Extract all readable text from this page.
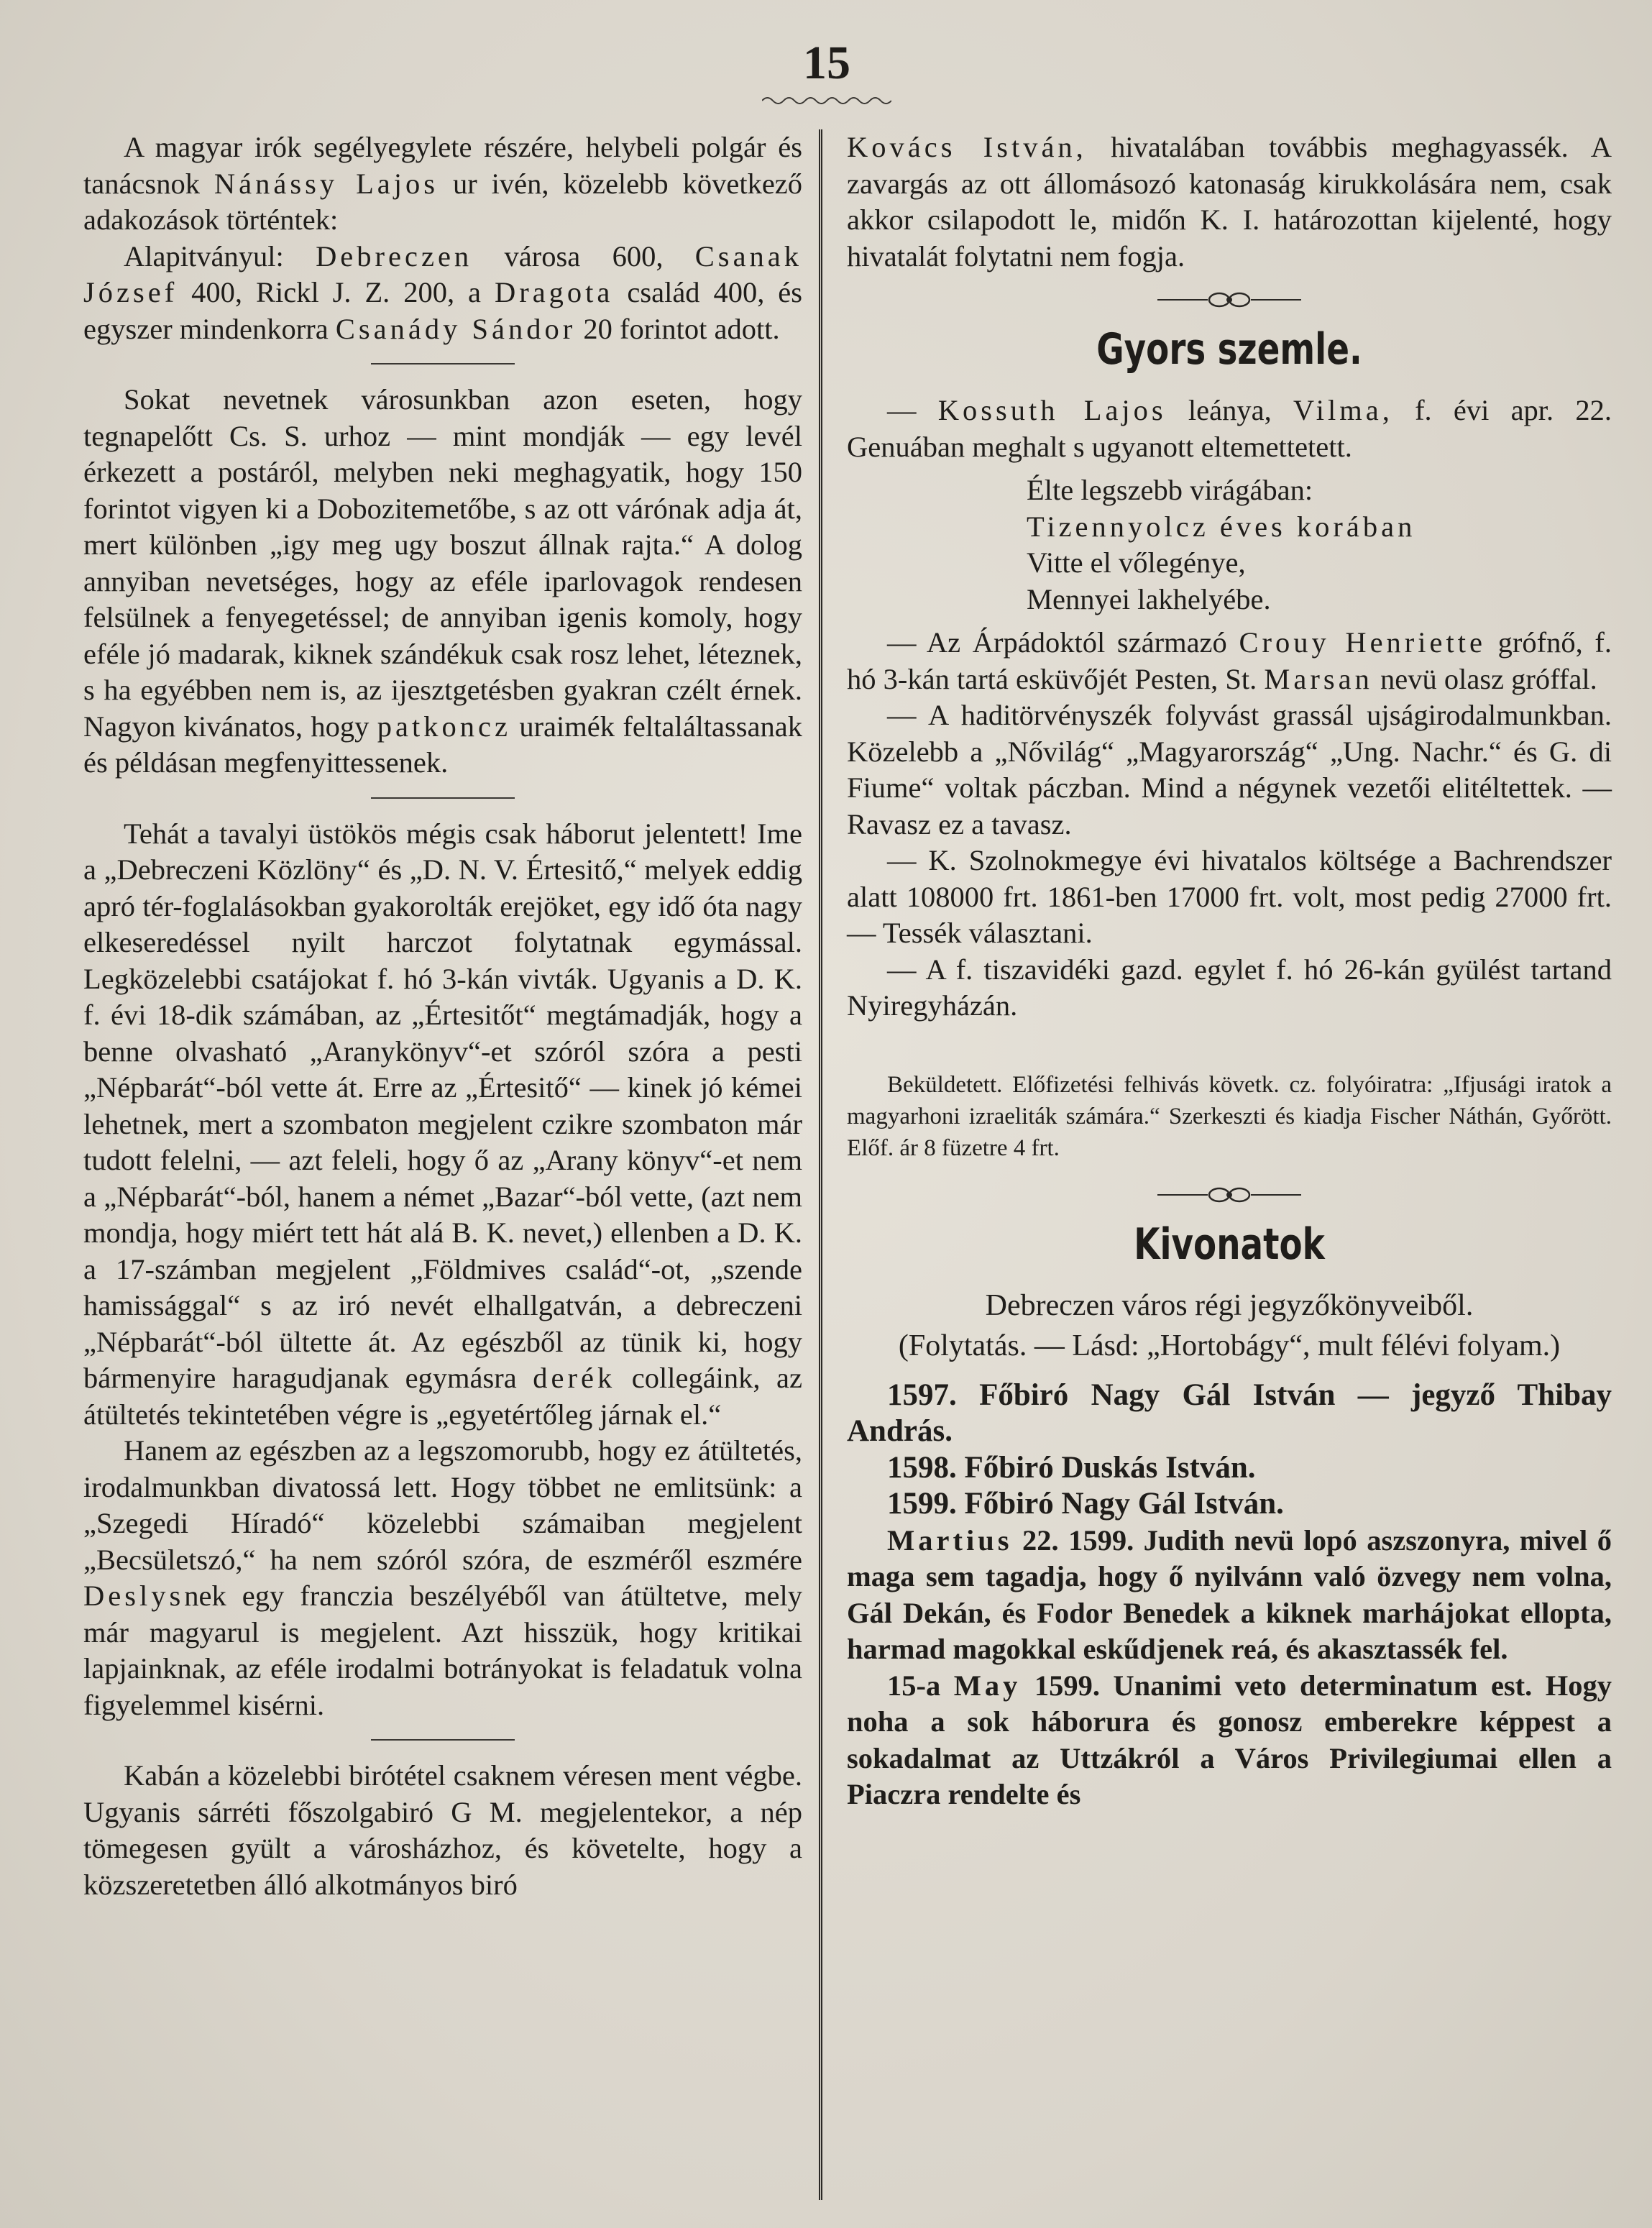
15

A magyar irók segélyegylete részére, helybeli polgár és tanácsnok Nánássy Lajos ur ivén, közelebb következő adakozások történtek:

Alapitványul: Debreczen városa 600, Csanak József 400, Rickl J. Z. 200, a Dragota család 400, és egyszer mindenkorra Csanády Sándor 20 forintot adott.

Sokat nevetnek városunkban azon eseten, hogy tegnapelőtt Cs. S. urhoz — mint mondják — egy levél érkezett a postáról, melyben neki meghagyatik, hogy 150 forintot vigyen ki a Dobozitemetőbe, s az ott várónak adja át, mert különben „igy meg ugy boszut állnak rajta.“ A dolog annyiban nevetséges, hogy az eféle iparlovagok rendesen felsülnek a fenyegetéssel; de annyiban igenis komoly, hogy eféle jó madarak, kiknek szándékuk csak rosz lehet, léteznek, s ha egyébben nem is, az ijesztgetésben gyakran czélt érnek. Nagyon kivánatos, hogy patkoncz uraimék feltaláltassanak és példásan megfenyittessenek.

Tehát a tavalyi üstökös mégis csak háborut jelentett! Ime a „Debreczeni Közlöny“ és „D. N. V. Értesitő,“ melyek eddig apró tér-foglalásokban gyakorolták erejöket, egy idő óta nagy elkeseredéssel nyilt harczot folytatnak egymással. Legközelebbi csatájokat f. hó 3-kán vivták. Ugyanis a D. K. f. évi 18-dik számában, az „Értesitőt“ megtámadják, hogy a benne olvasható „Aranykönyv“-et szóról szóra a pesti „Népbarát“-ból vette át. Erre az „Értesitő“ — kinek jó kémei lehetnek, mert a szombaton megjelent czikre szombaton már tudott felelni, — azt feleli, hogy ő az „Arany könyv“-et nem a „Népbarát“-ból, hanem a német „Bazar“-ból vette, (azt nem mondja, hogy miért tett hát alá B. K. nevet,) ellenben a D. K. a 17-számban megjelent „Földmives család“-ot, „szende hamissággal“ s az iró nevét elhallgatván, a debreczeni „Népbarát“-ból ültette át. Az egészből az tünik ki, hogy bármenyire haragudjanak egymásra derék collegáink, az átültetés tekintetében végre is „egyetértőleg járnak el.“

Hanem az egészben az a legszomorubb, hogy ez átültetés, irodalmunkban divatossá lett. Hogy többet ne emlitsünk: a „Szegedi Híradó“ közelebbi számaiban megjelent „Becsületszó,“ ha nem szóról szóra, de eszméről eszmére Deslysnek egy franczia beszélyéből van átültetve, mely már magyarul is megjelent. Azt hisszük, hogy kritikai lapjainknak, az eféle irodalmi botrányokat is feladatuk volna figyelemmel kisérni.

Kabán a közelebbi birótétel csaknem véresen ment végbe. Ugyanis sárréti főszolgabiró G M. megjelentekor, a nép tömegesen gyült a városházhoz, és követelte, hogy a közszeretetben álló alkotmányos biró

Kovács István, hivatalában továbbis meghagyassék. A zavargás az ott állomásozó katonaság kirukkolására nem, csak akkor csilapodott le, midőn K. I. határozottan kijelenté, hogy hivatalát folytatni nem fogja.

Gyors szemle.

— Kossuth Lajos leánya, Vilma, f. évi apr. 22. Genuában meghalt s ugyanott eltemettetett.

Élte legszebb virágában:
Tizennyolcz éves korában
Vitte el vőlegénye,
Mennyei lakhelyébe.

— Az Árpádoktól származó Crouy Henriette grófnő, f. hó 3-kán tartá esküvőjét Pesten, St. Marsan nevü olasz gróffal.

— A haditörvényszék folyvást grassál ujságirodalmunkban. Közelebb a „Nővilág“ „Magyarország“ „Ung. Nachr.“ és G. di Fiume“ voltak páczban. Mind a négynek vezetői elitéltettek. — Ravasz ez a tavasz.

— K. Szolnokmegye évi hivatalos költsége a Bachrendszer alatt 108000 frt. 1861-ben 17000 frt. volt, most pedig 27000 frt. — Tessék választani.

— A f. tiszavidéki gazd. egylet f. hó 26-kán gyülést tartand Nyiregyházán.

Beküldetett. Előfizetési felhivás követk. cz. folyóiratra: „Ifjusági iratok a magyarhoni izraeliták számára.“ Szerkeszti és kiadja Fischer Náthán, Győrött. Előf. ár 8 füzetre 4 frt.

Kivonatok
Debreczen város régi jegyzőkönyveiből.
(Folytatás. — Lásd: „Hortobágy“, mult félévi folyam.)

1597. Főbiró Nagy Gál István — jegyző Thibay András.

1598. Főbiró Duskás István.

1599. Főbiró Nagy Gál István.

Martius 22. 1599. Judith nevü lopó aszszonyra, mivel ő maga sem tagadja, hogy ő nyilvánn való özvegy nem volna, Gál Dekán, és Fodor Benedek a kiknek marhájokat ellopta, harmad magokkal eskűdjenek reá, és akasztassék fel.

15-a May 1599. Unanimi veto determinatum est. Hogy noha a sok háborura és gonosz emberekre képpest a sokadalmat az Uttzákról a Város Privilegiumai ellen a Piaczra rendelte és
